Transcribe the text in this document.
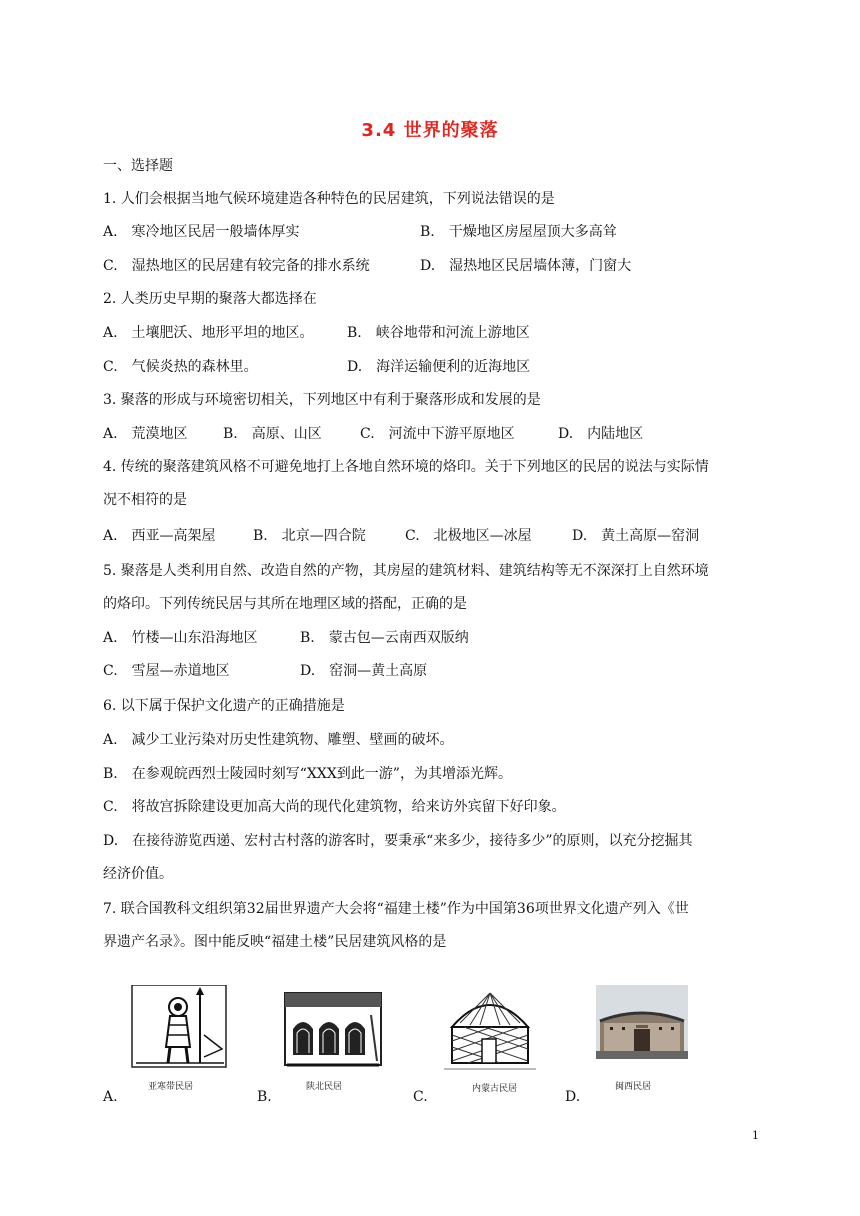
3.4 世界的聚落
一、选择题
1. 人们会根据当地气候环境建造各种特色的民居建筑，下列说法错误的是
A.　寒冷地区民居一般墙体厚实	B.　干燥地区房屋屋顶大多高耸
C.　湿热地区的民居建有较完备的排水系统	D.　湿热地区民居墙体薄，门窗大
2. 人类历史早期的聚落大都选择在
A.　土壤肥沃、地形平坦的地区。 B.　峡谷地带和河流上游地区
C.　气候炎热的森林里。	D.　海洋运输便利的近海地区
3. 聚落的形成与环境密切相关，下列地区中有利于聚落形成和发展的是
A.　荒漠地区	B.　高原、山区	C.　河流中下游平原地区	D.　内陆地区
4. 传统的聚落建筑风格不可避免地打上各地自然环境的烙印。关于下列地区的民居的说法与实际情
况不相符的是
A.　西亚—高架屋	B.　北京—四合院	C.　北极地区—冰屋	D.　黄土高原—窑洞
5. 聚落是人类利用自然、改造自然的产物，其房屋的建筑材料、建筑结构等无不深深打上自然环境
的烙印。下列传统民居与其所在地理区域的搭配，正确的是
A.　竹楼—山东沿海地区	B.　蒙古包—云南西双版纳
C.　雪屋—赤道地区	D.　窑洞—黄土高原
6. 以下属于保护文化遗产的正确措施是
A.　减少工业污染对历史性建筑物、雕塑、壁画的破坏。
B.　在参观皖西烈士陵园时刻写“XXX到此一游”，为其增添光辉。
C.　将故宫拆除建设更加高大尚的现代化建筑物，给来访外宾留下好印象。
D.　在接待游览西递、宏村古村落的游客时，要秉承“来多少，接待多少”的原则，以充分挖掘其
经济价值。
7. 联合国教科文组织第32届世界遗产大会将“福建土楼”作为中国第36项世界文化遗产列入《世
界遗产名录》。图中能反映“福建土楼”民居建筑风格的是
亚寒带民居	陕北民居	内蒙古民居	闽西民居
A.	B.	C.	D.
1
